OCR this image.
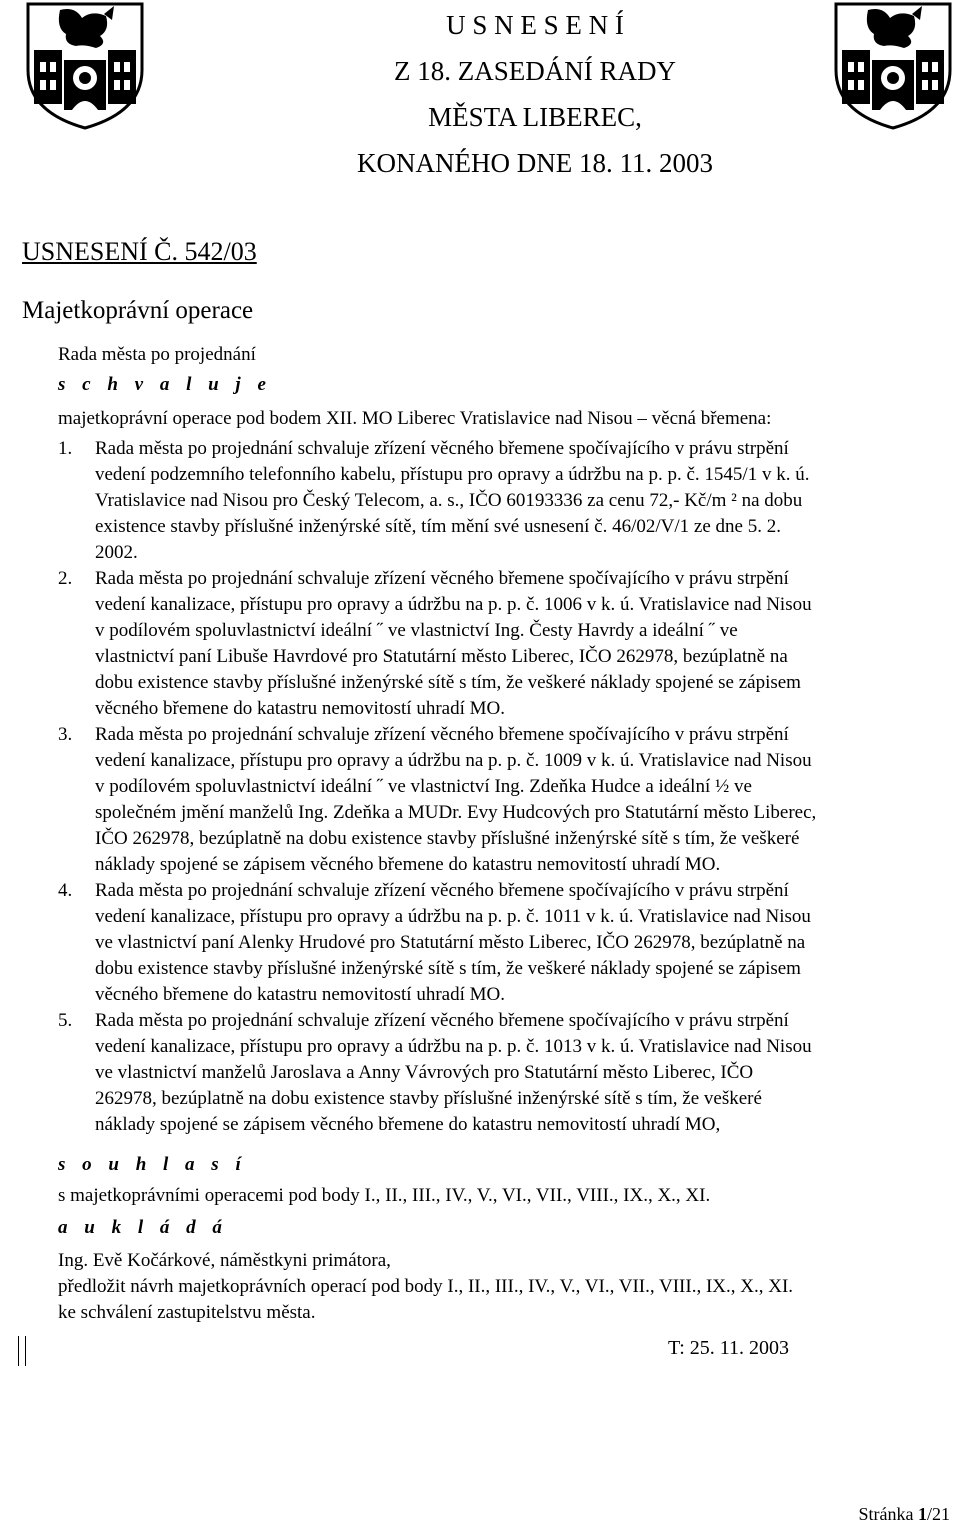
U S N E S E N Í
Z 18. ZASEDÁNÍ RADY
MĚSTA LIBEREC,
KONANÉHO DNE 18. 11. 2003
USNESENÍ Č. 542/03
Majetkoprávní operace
Rada města po projednání
s c h v a l u j e
majetkoprávní operace pod bodem XII. MO Liberec Vratislavice nad Nisou – věcná břemena:
1.	Rada města po projednání schvaluje zřízení věcného břemene spočívajícího v právu strpění
vedení podzemního telefonního kabelu, přístupu pro opravy a údržbu na p. p. č. 1545/1 v k. ú.
Vratislavice nad Nisou pro Český Telecom, a. s., IČO 60193336 za cenu 72,- Kč/m ² na dobu
existence stavby příslušné inženýrské sítě, tím mění své usnesení č. 46/02/V/1 ze dne 5. 2.
2002.
2.	Rada města po projednání schvaluje zřízení věcného břemene spočívajícího v právu strpění
vedení kanalizace, přístupu pro opravy a údržbu na p. p. č. 1006 v k. ú. Vratislavice nad Nisou
v podílovém spoluvlastnictví ideální ˝ ve vlastnictví Ing. Česty Havrdy a ideální ˝ ve
vlastnictví paní Libuše Havrdové pro Statutární město Liberec, IČO 262978, bezúplatně na
dobu existence stavby příslušné inženýrské sítě s tím, že veškeré náklady spojené se zápisem
věcného břemene do katastru nemovitostí uhradí MO.
3.	Rada města po projednání schvaluje zřízení věcného břemene spočívajícího v právu strpění
vedení kanalizace, přístupu pro opravy a údržbu na p. p. č. 1009 v k. ú. Vratislavice nad Nisou
v podílovém spoluvlastnictví ideální ˝ ve vlastnictví Ing. Zdeňka Hudce a ideální ½ ve
společném jmění manželů Ing. Zdeňka a MUDr. Evy Hudcových pro Statutární město Liberec,
IČO 262978, bezúplatně na dobu existence stavby příslušné inženýrské sítě s tím, že veškeré
náklady spojené se zápisem věcného břemene do katastru nemovitostí uhradí MO.
4.	Rada města po projednání schvaluje zřízení věcného břemene spočívajícího v právu strpění
vedení kanalizace, přístupu pro opravy a údržbu na p. p. č. 1011 v k. ú. Vratislavice nad Nisou
ve vlastnictví paní Alenky Hrudové pro Statutární město Liberec, IČO 262978, bezúplatně na
dobu existence stavby příslušné inženýrské sítě s tím, že veškeré náklady spojené se zápisem
věcného břemene do katastru nemovitostí uhradí MO.
5.	Rada města po projednání schvaluje zřízení věcného břemene spočívajícího v právu strpění
vedení kanalizace, přístupu pro opravy a údržbu na p. p. č. 1013 v k. ú. Vratislavice nad Nisou
ve vlastnictví manželů Jaroslava a Anny Vávrových pro Statutární město Liberec, IČO
262978, bezúplatně na dobu existence stavby příslušné inženýrské sítě s tím, že veškeré
náklady spojené se zápisem věcného břemene do katastru nemovitostí uhradí MO,
s o u h l a s í
s majetkoprávními operacemi pod body I., II., III., IV., V., VI., VII., VIII., IX., X., XI.
a u k l á d á
Ing. Evě Kočárkové, náměstkyni primátora,
předložit návrh majetkoprávních operací pod body I., II., III., IV., V., VI., VII., VIII., IX., X., XI.
ke schválení zastupitelstvu města.
T: 25. 11. 2003
Stránka 1/21
